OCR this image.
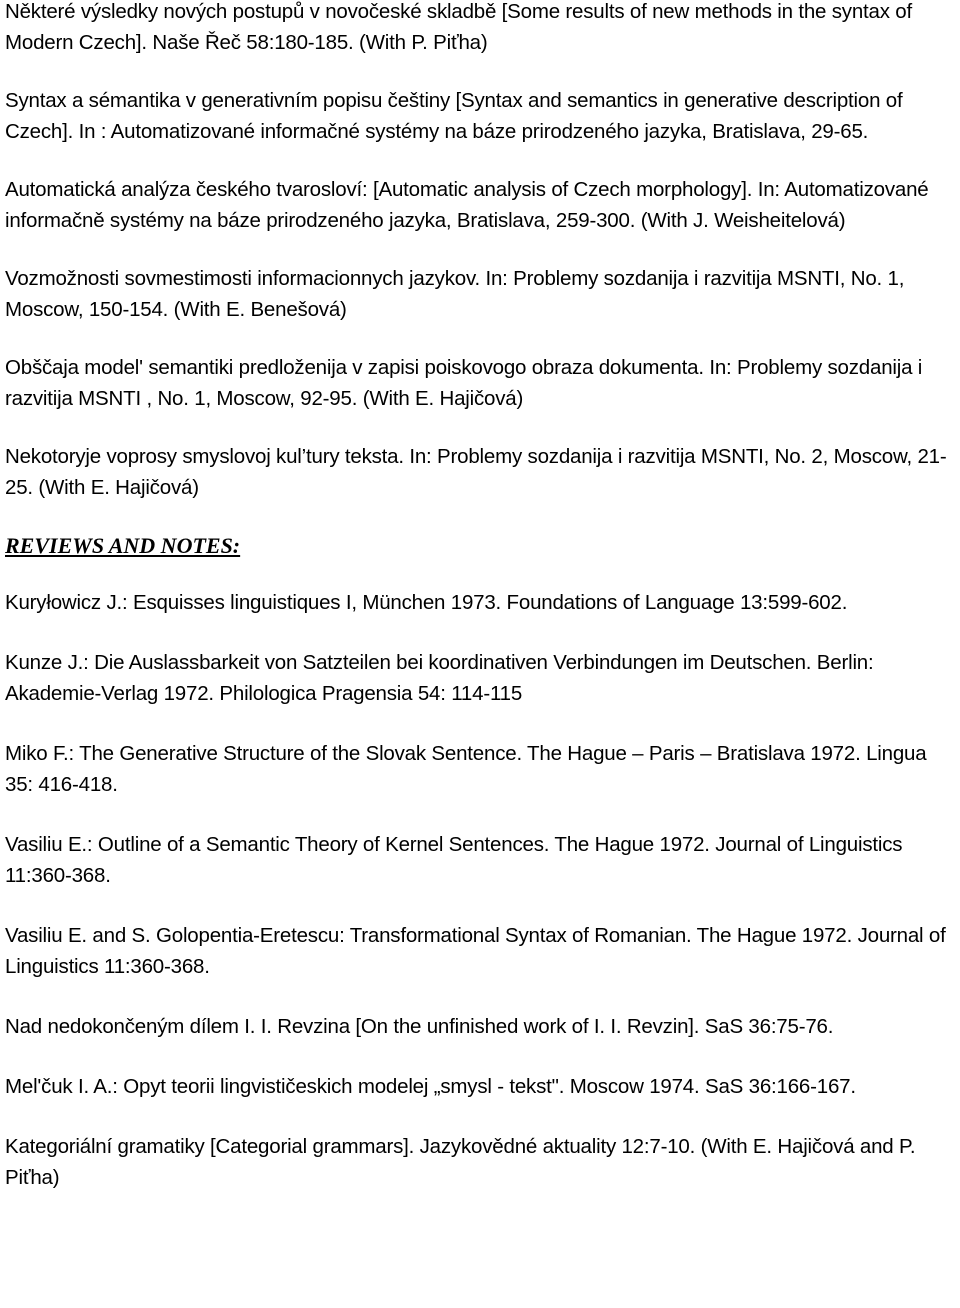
Některé výsledky nových postupů v novočeské skladbě [Some results of new methods in the syntax of Modern Czech]. Naše Řeč 58:180-185. (With P. Piťha)

Syntax a sémantika v generativním popisu češtiny [Syntax and semantics in generative description of Czech]. In : Automatizované informačné systémy na báze prirodzeného jazyka, Bratislava, 29-65.

Automatická analýza českého tvarosloví: [Automatic analysis of Czech morphology]. In: Automatizované informačně systémy na báze prirodzeného jazyka, Bratislava, 259-300. (With J. Weisheitelová)

Vozmožnosti sovmestimosti informacionnych jazykov. In: Problemy sozdanija i razvitija MSNTI, No. 1, Moscow, 150-154. (With E. Benešová)

Obščaja model' semantiki predloženija v zapisi poiskovogo obraza dokumenta. In: Problemy sozdanija i razvitija MSNTI , No. 1, Moscow, 92-95. (With E. Hajičová)

Nekotoryje voprosy smyslovoj kul’tury teksta. In: Problemy sozdanija i razvitija MSNTI, No. 2, Moscow, 21-25. (With E. Hajičová)

REVIEWS AND NOTES:

Kuryłowicz J.: Esquisses linguistiques I, München 1973. Foundations of Language 13:599-602.

Kunze J.: Die Auslassbarkeit von Satzteilen bei koordinativen Verbindungen im Deutschen. Berlin: Akademie-Verlag 1972. Philologica Pragensia 54: 114-115

Miko F.: The Generative Structure of the Slovak Sentence. The Hague – Paris – Bratislava 1972. Lingua 35: 416-418.

Vasiliu E.: Outline of a Semantic Theory of Kernel Sentences. The Hague 1972. Journal of Linguistics 11:360-368.

Vasiliu E. and S. Golopentia-Eretescu: Transformational Syntax of Romanian. The Hague 1972. Journal of Linguistics 11:360-368.

Nad nedokončeným dílem I. I. Revzina [On the unfinished work of I. I. Revzin]. SaS 36:75-76.

Mel'čuk I. A.: Opyt teorii lingvističeskich modelej „smysl - tekst". Moscow 1974. SaS 36:166-167.

Kategoriální gramatiky [Categorial grammars]. Jazykovědné aktuality 12:7-10. (With E. Hajičová and P. Piťha)
